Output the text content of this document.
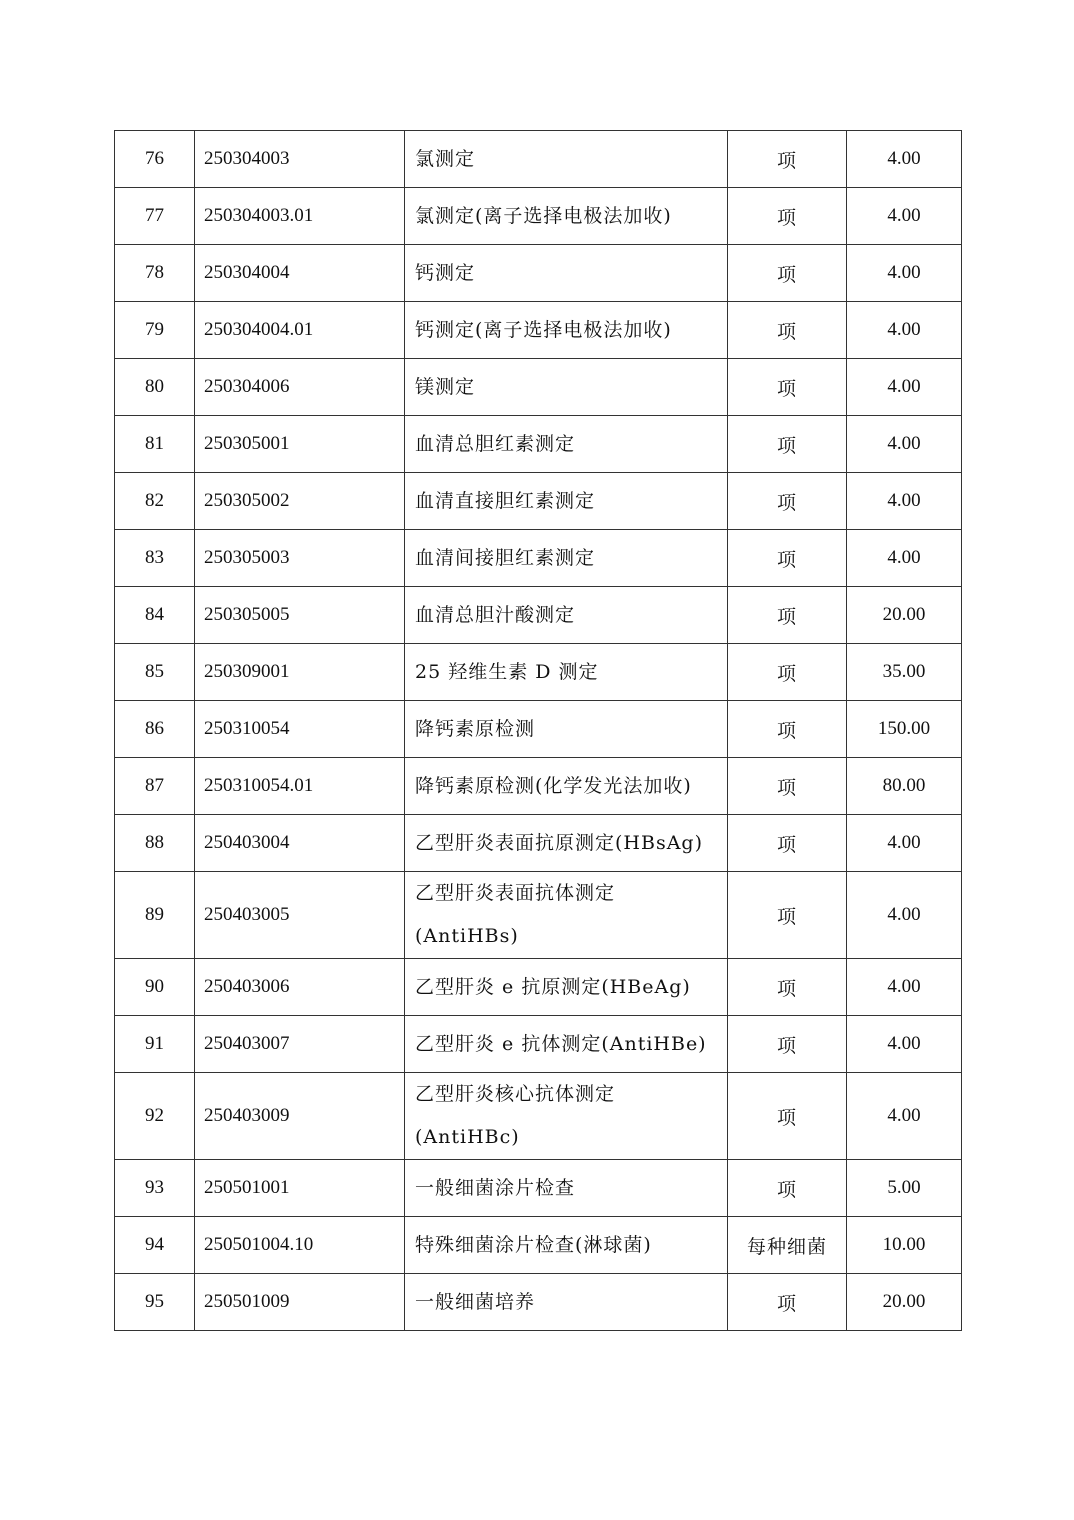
76	250304003	氯测定	项	4.00
77	250304003.01	氯测定(离子选择电极法加收)	项	4.00
78	250304004	钙测定	项	4.00
79	250304004.01	钙测定(离子选择电极法加收)	项	4.00
80	250304006	镁测定	项	4.00
81	250305001	血清总胆红素测定	项	4.00
82	250305002	血清直接胆红素测定	项	4.00
83	250305003	血清间接胆红素测定	项	4.00
84	250305005	血清总胆汁酸测定	项	20.00
85	250309001	25 羟维生素 D 测定	项	35.00
86	250310054	降钙素原检测	项	150.00
87	250310054.01	降钙素原检测(化学发光法加收)	项	80.00
88	250403004	乙型肝炎表面抗原测定(HBsAg)	项	4.00
89	250403005	乙型肝炎表面抗体测定(AntiHBs)	项	4.00
90	250403006	乙型肝炎 e 抗原测定(HBeAg)	项	4.00
91	250403007	乙型肝炎 e 抗体测定(AntiHBe)	项	4.00
92	250403009	乙型肝炎核心抗体测定(AntiHBc)	项	4.00
93	250501001	一般细菌涂片检查	项	5.00
94	250501004.10	特殊细菌涂片检查(淋球菌)	每种细菌	10.00
95	250501009	一般细菌培养	项	20.00
